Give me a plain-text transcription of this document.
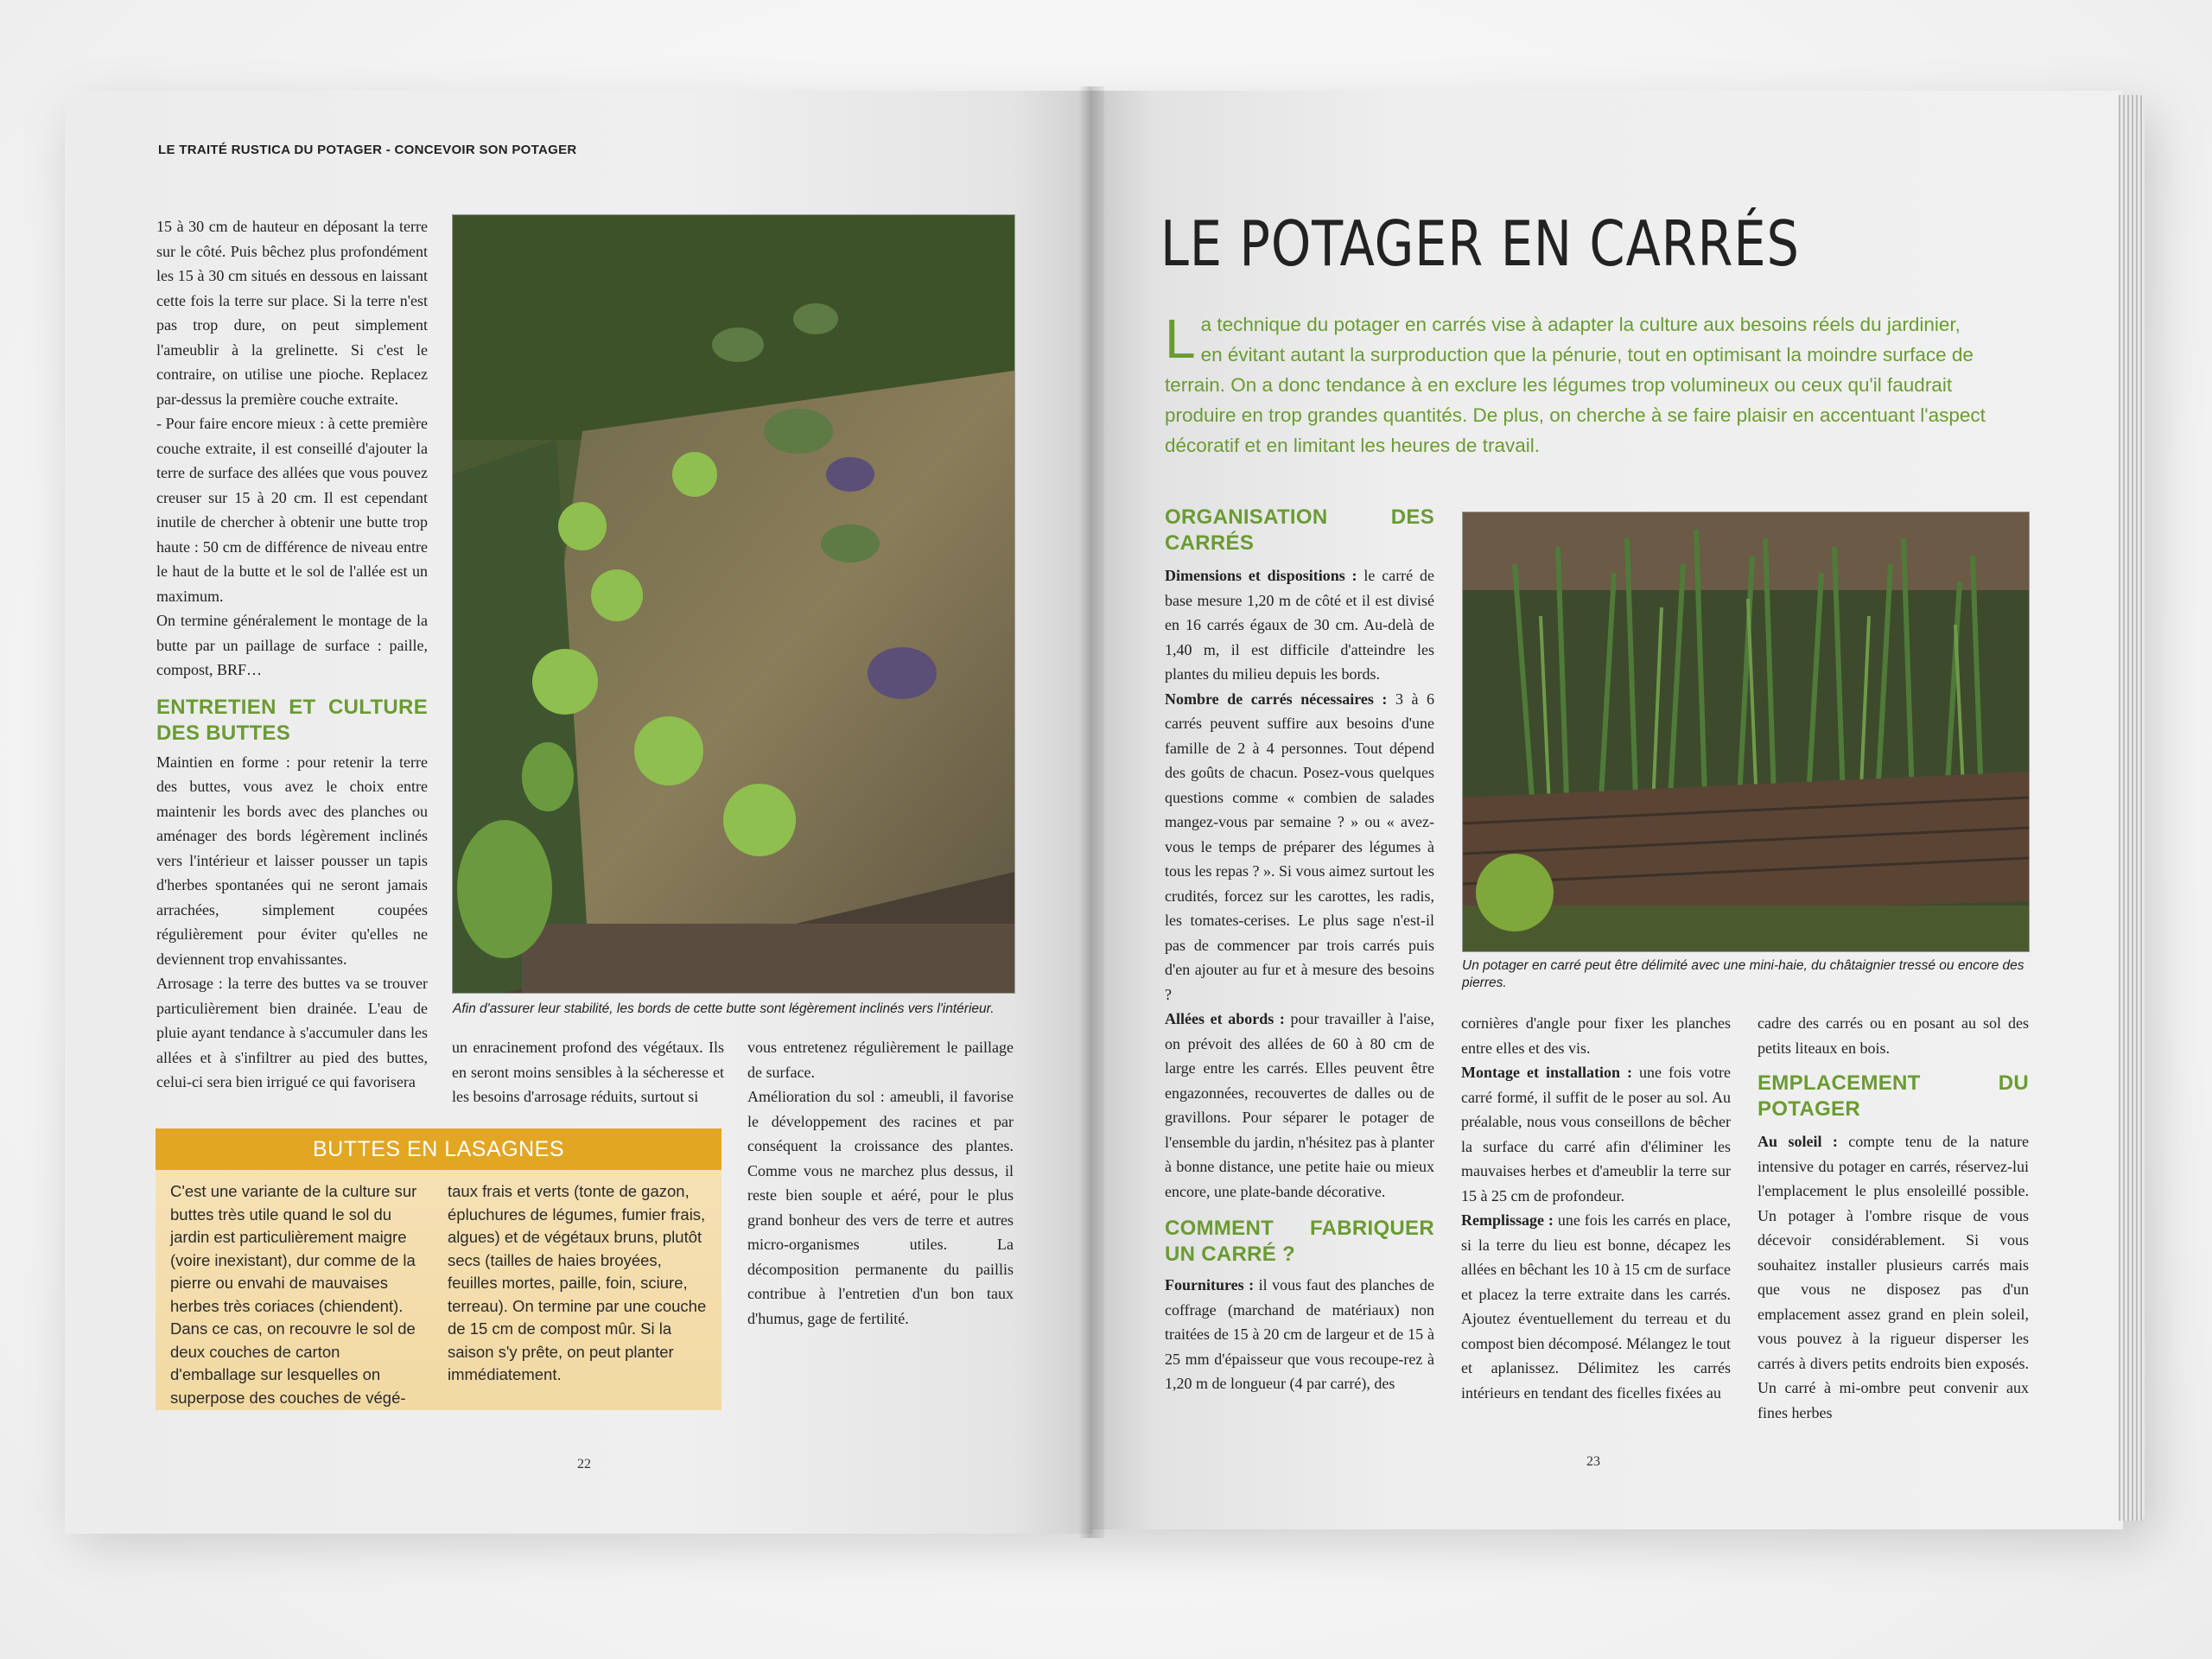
LE TRAITÉ RUSTICA DU POTAGER - CONCEVOIR SON POTAGER
15 à 30 cm de hauteur en déposant la terre sur le côté. Puis bêchez plus profondément les 15 à 30 cm situés en dessous en laissant cette fois la terre sur place. Si la terre n'est pas trop dure, on peut simplement l'ameublir à la grelinette. Si c'est le contraire, on utilise une pioche. Replacez par-dessus la première couche extraite.
- Pour faire encore mieux : à cette première couche extraite, il est conseillé d'ajouter la terre de surface des allées que vous pouvez creuser sur 15 à 20 cm. Il est cependant inutile de chercher à obtenir une butte trop haute : 50 cm de différence de niveau entre le haut de la butte et le sol de l'allée est un maximum.
On termine généralement le montage de la butte par un paillage de surface : paille, compost, BRF…
ENTRETIEN ET CULTURE DES BUTTES
Maintien en forme : pour retenir la terre des buttes, vous avez le choix entre maintenir les bords avec des planches ou aménager des bords légèrement inclinés vers l'intérieur et laisser pousser un tapis d'herbes spontanées qui ne seront jamais arrachées, simplement coupées régulièrement pour éviter qu'elles ne deviennent trop envahissantes.
Arrosage : la terre des buttes va se trouver particulièrement bien drainée. L'eau de pluie ayant tendance à s'accumuler dans les allées et à s'infiltrer au pied des buttes, celui-ci sera bien irrigué ce qui favorisera
Afin d'assurer leur stabilité, les bords de cette butte sont légèrement inclinés vers l'intérieur.
un enracinement profond des végétaux. Ils en seront moins sensibles à la sécheresse et les besoins d'arrosage réduits, surtout si
vous entretenez régulièrement le paillage de surface.
Amélioration du sol : ameubli, il favorise le développement des racines et par conséquent la croissance des plantes. Comme vous ne marchez plus dessus, il reste bien souple et aéré, pour le plus grand bonheur des vers de terre et autres micro-organismes utiles. La décomposition permanente du paillis contribue à l'entretien d'un bon taux d'humus, gage de fertilité.
BUTTES EN LASAGNES
C'est une variante de la culture sur buttes très utile quand le sol du jardin est particulièrement maigre (voire inexistant), dur comme de la pierre ou envahi de mauvaises herbes très coriaces (chiendent). Dans ce cas, on recouvre le sol de deux couches de carton d'emballage sur lesquelles on superpose des couches de végé-
taux frais et verts (tonte de gazon, épluchures de légumes, fumier frais, algues) et de végétaux bruns, plutôt secs (tailles de haies broyées, feuilles mortes, paille, foin, sciure, terreau). On termine par une couche de 15 cm de compost mûr. Si la saison s'y prête, on peut planter immédiatement.
22
LE POTAGER EN CARRÉS
La technique du potager en carrés vise à adapter la culture aux besoins réels du jardinier, en évitant autant la surproduction que la pénurie, tout en optimisant la moindre surface de terrain. On a donc tendance à en exclure les légumes trop volumineux ou ceux qu'il faudrait produire en trop grandes quantités. De plus, on cherche à se faire plaisir en accentuant l'aspect décoratif et en limitant les heures de travail.
ORGANISATION DES CARRÉS
Dimensions et dispositions : le carré de base mesure 1,20 m de côté et il est divisé en 16 carrés égaux de 30 cm. Au-delà de 1,40 m, il est difficile d'atteindre les plantes du milieu depuis les bords.
Nombre de carrés nécessaires : 3 à 6 carrés peuvent suffire aux besoins d'une famille de 2 à 4 personnes. Tout dépend des goûts de chacun. Posez-vous quelques questions comme « combien de salades mangez-vous par semaine ? » ou « avez-vous le temps de préparer des légumes à tous les repas ? ». Si vous aimez surtout les crudités, forcez sur les carottes, les radis, les tomates-cerises. Le plus sage n'est-il pas de commencer par trois carrés puis d'en ajouter au fur et à mesure des besoins ?
Allées et abords : pour travailler à l'aise, on prévoit des allées de 60 à 80 cm de large entre les carrés. Elles peuvent être engazonnées, recouvertes de dalles ou de gravillons. Pour séparer le potager de l'ensemble du jardin, n'hésitez pas à planter à bonne distance, une petite haie ou mieux encore, une plate-bande décorative.
COMMENT FABRIQUER UN CARRÉ ?
Fournitures : il vous faut des planches de coffrage (marchand de matériaux) non traitées de 15 à 20 cm de largeur et de 15 à 25 mm d'épaisseur que vous recoupe-rez à 1,20 m de longueur (4 par carré), des
Un potager en carré peut être délimité avec une mini-haie, du châtaignier tressé ou encore des pierres.
cornières d'angle pour fixer les planches entre elles et des vis.
Montage et installation : une fois votre carré formé, il suffit de le poser au sol. Au préalable, nous vous conseillons de bêcher la surface du carré afin d'éliminer les mauvaises herbes et d'ameublir la terre sur 15 à 25 cm de profondeur.
Remplissage : une fois les carrés en place, si la terre du lieu est bonne, décapez les allées en bêchant les 10 à 15 cm de surface et placez la terre extraite dans les carrés. Ajoutez éventuellement du terreau et du compost bien décomposé. Mélangez le tout et aplanissez. Délimitez les carrés intérieurs en tendant des ficelles fixées au
cadre des carrés ou en posant au sol des petits liteaux en bois.
EMPLACEMENT DU POTAGER
Au soleil : compte tenu de la nature intensive du potager en carrés, réservez-lui l'emplacement le plus ensoleillé possible. Un potager à l'ombre risque de vous décevoir considérablement. Si vous souhaitez installer plusieurs carrés mais que vous ne disposez pas d'un emplacement assez grand en plein soleil, vous pouvez à la rigueur disperser les carrés à divers petits endroits bien exposés. Un carré à mi-ombre peut convenir aux fines herbes
23
